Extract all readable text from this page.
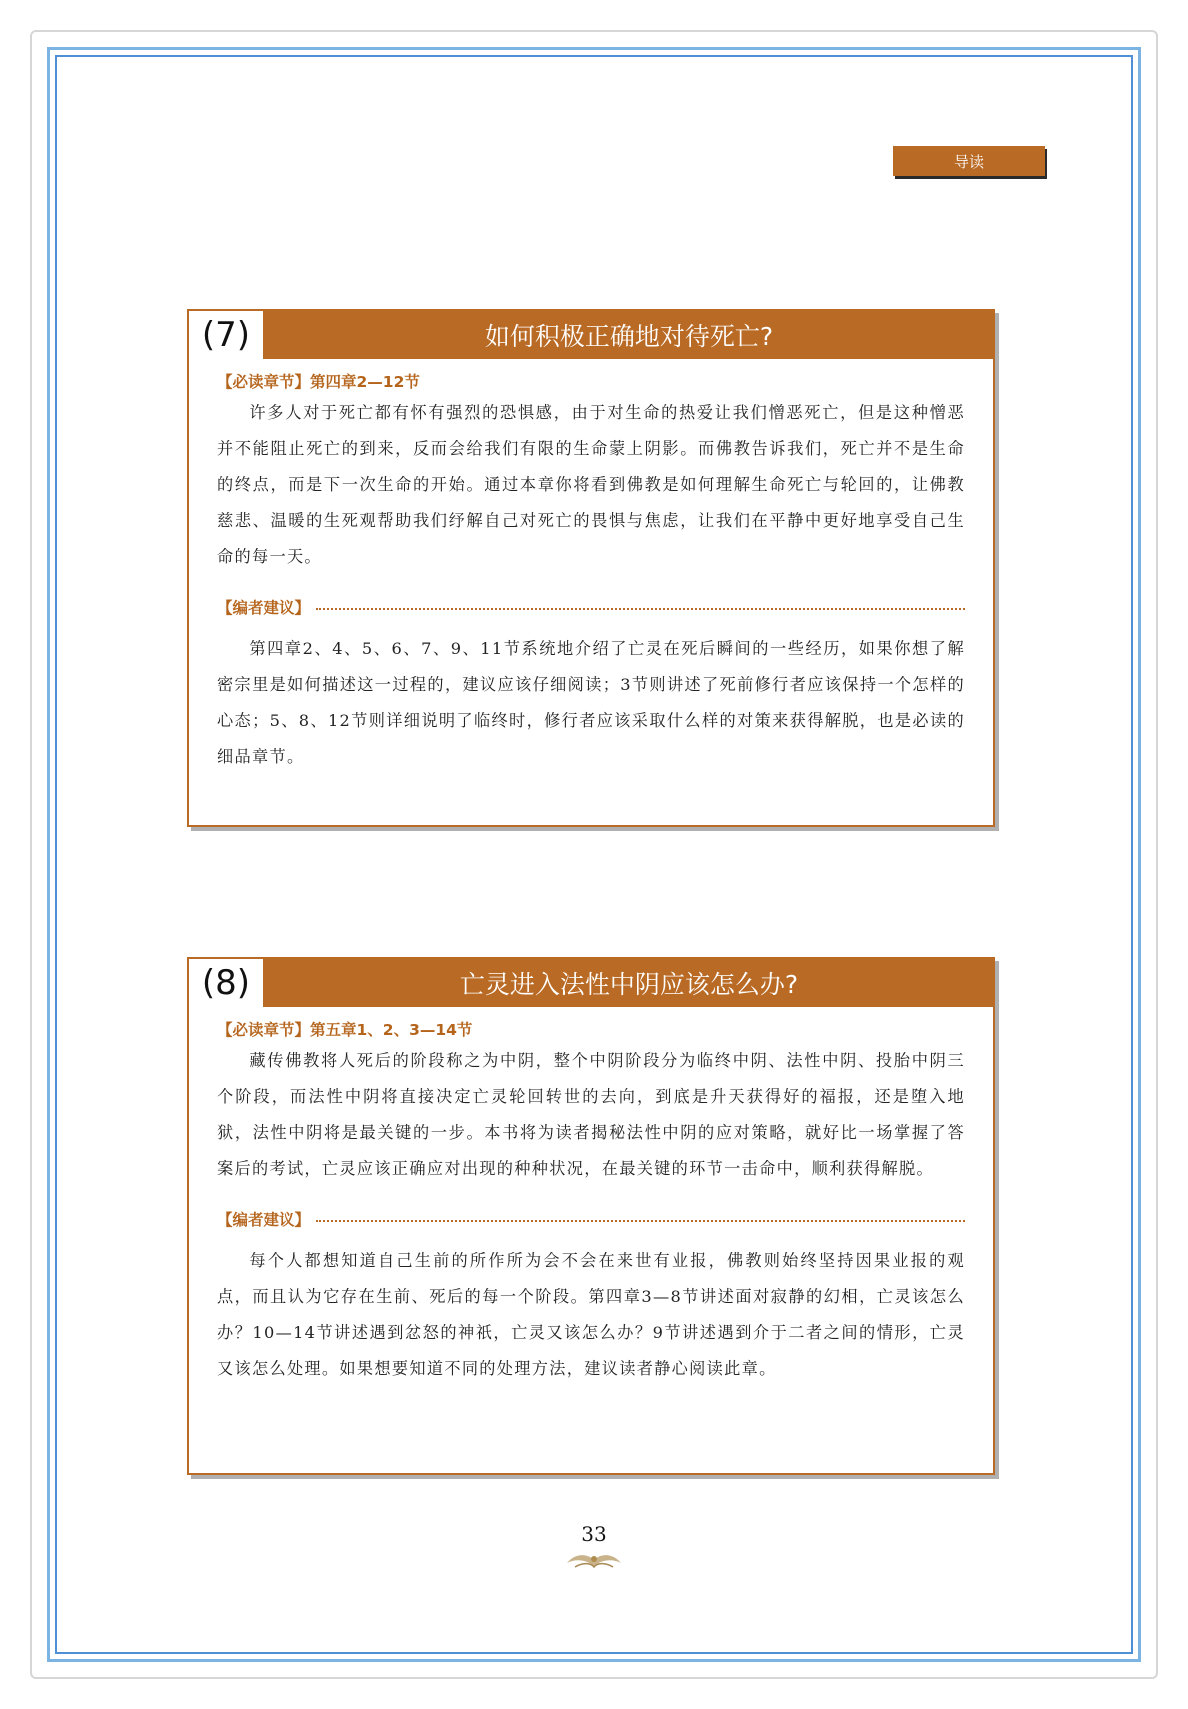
导读
(7)	如何积极正确地对待死亡?
【必读章节】第四章2—12节

许多人对于死亡都有怀有强烈的恐惧感，由于对生命的热爱让我们憎恶死亡，但是这种憎恶并不能阻止死亡的到来，反而会给我们有限的生命蒙上阴影。而佛教告诉我们，死亡并不是生命的终点，而是下一次生命的开始。通过本章你将看到佛教是如何理解生命死亡与轮回的，让佛教慈悲、温暖的生死观帮助我们纾解自己对死亡的畏惧与焦虑，让我们在平静中更好地享受自己生命的每一天。

【编者建议】

第四章2、4、5、6、7、9、11节系统地介绍了亡灵在死后瞬间的一些经历，如果你想了解密宗里是如何描述这一过程的，建议应该仔细阅读；3节则讲述了死前修行者应该保持一个怎样的心态；5、8、12节则详细说明了临终时，修行者应该采取什么样的对策来获得解脱，也是必读的细品章节。

(8)	亡灵进入法性中阴应该怎么办?
【必读章节】第五章1、2、3—14节

藏传佛教将人死后的阶段称之为中阴，整个中阴阶段分为临终中阴、法性中阴、投胎中阴三个阶段，而法性中阴将直接决定亡灵轮回转世的去向，到底是升天获得好的福报，还是堕入地狱，法性中阴将是最关键的一步。本书将为读者揭秘法性中阴的应对策略，就好比一场掌握了答案后的考试，亡灵应该正确应对出现的种种状况，在最关键的环节一击命中，顺利获得解脱。

【编者建议】

每个人都想知道自己生前的所作所为会不会在来世有业报，佛教则始终坚持因果业报的观点，而且认为它存在生前、死后的每一个阶段。第四章3—8节讲述面对寂静的幻相，亡灵该怎么办？10—14节讲述遇到忿怒的神祇，亡灵又该怎么办？9节讲述遇到介于二者之间的情形，亡灵又该怎么处理。如果想要知道不同的处理方法，建议读者静心阅读此章。

33
